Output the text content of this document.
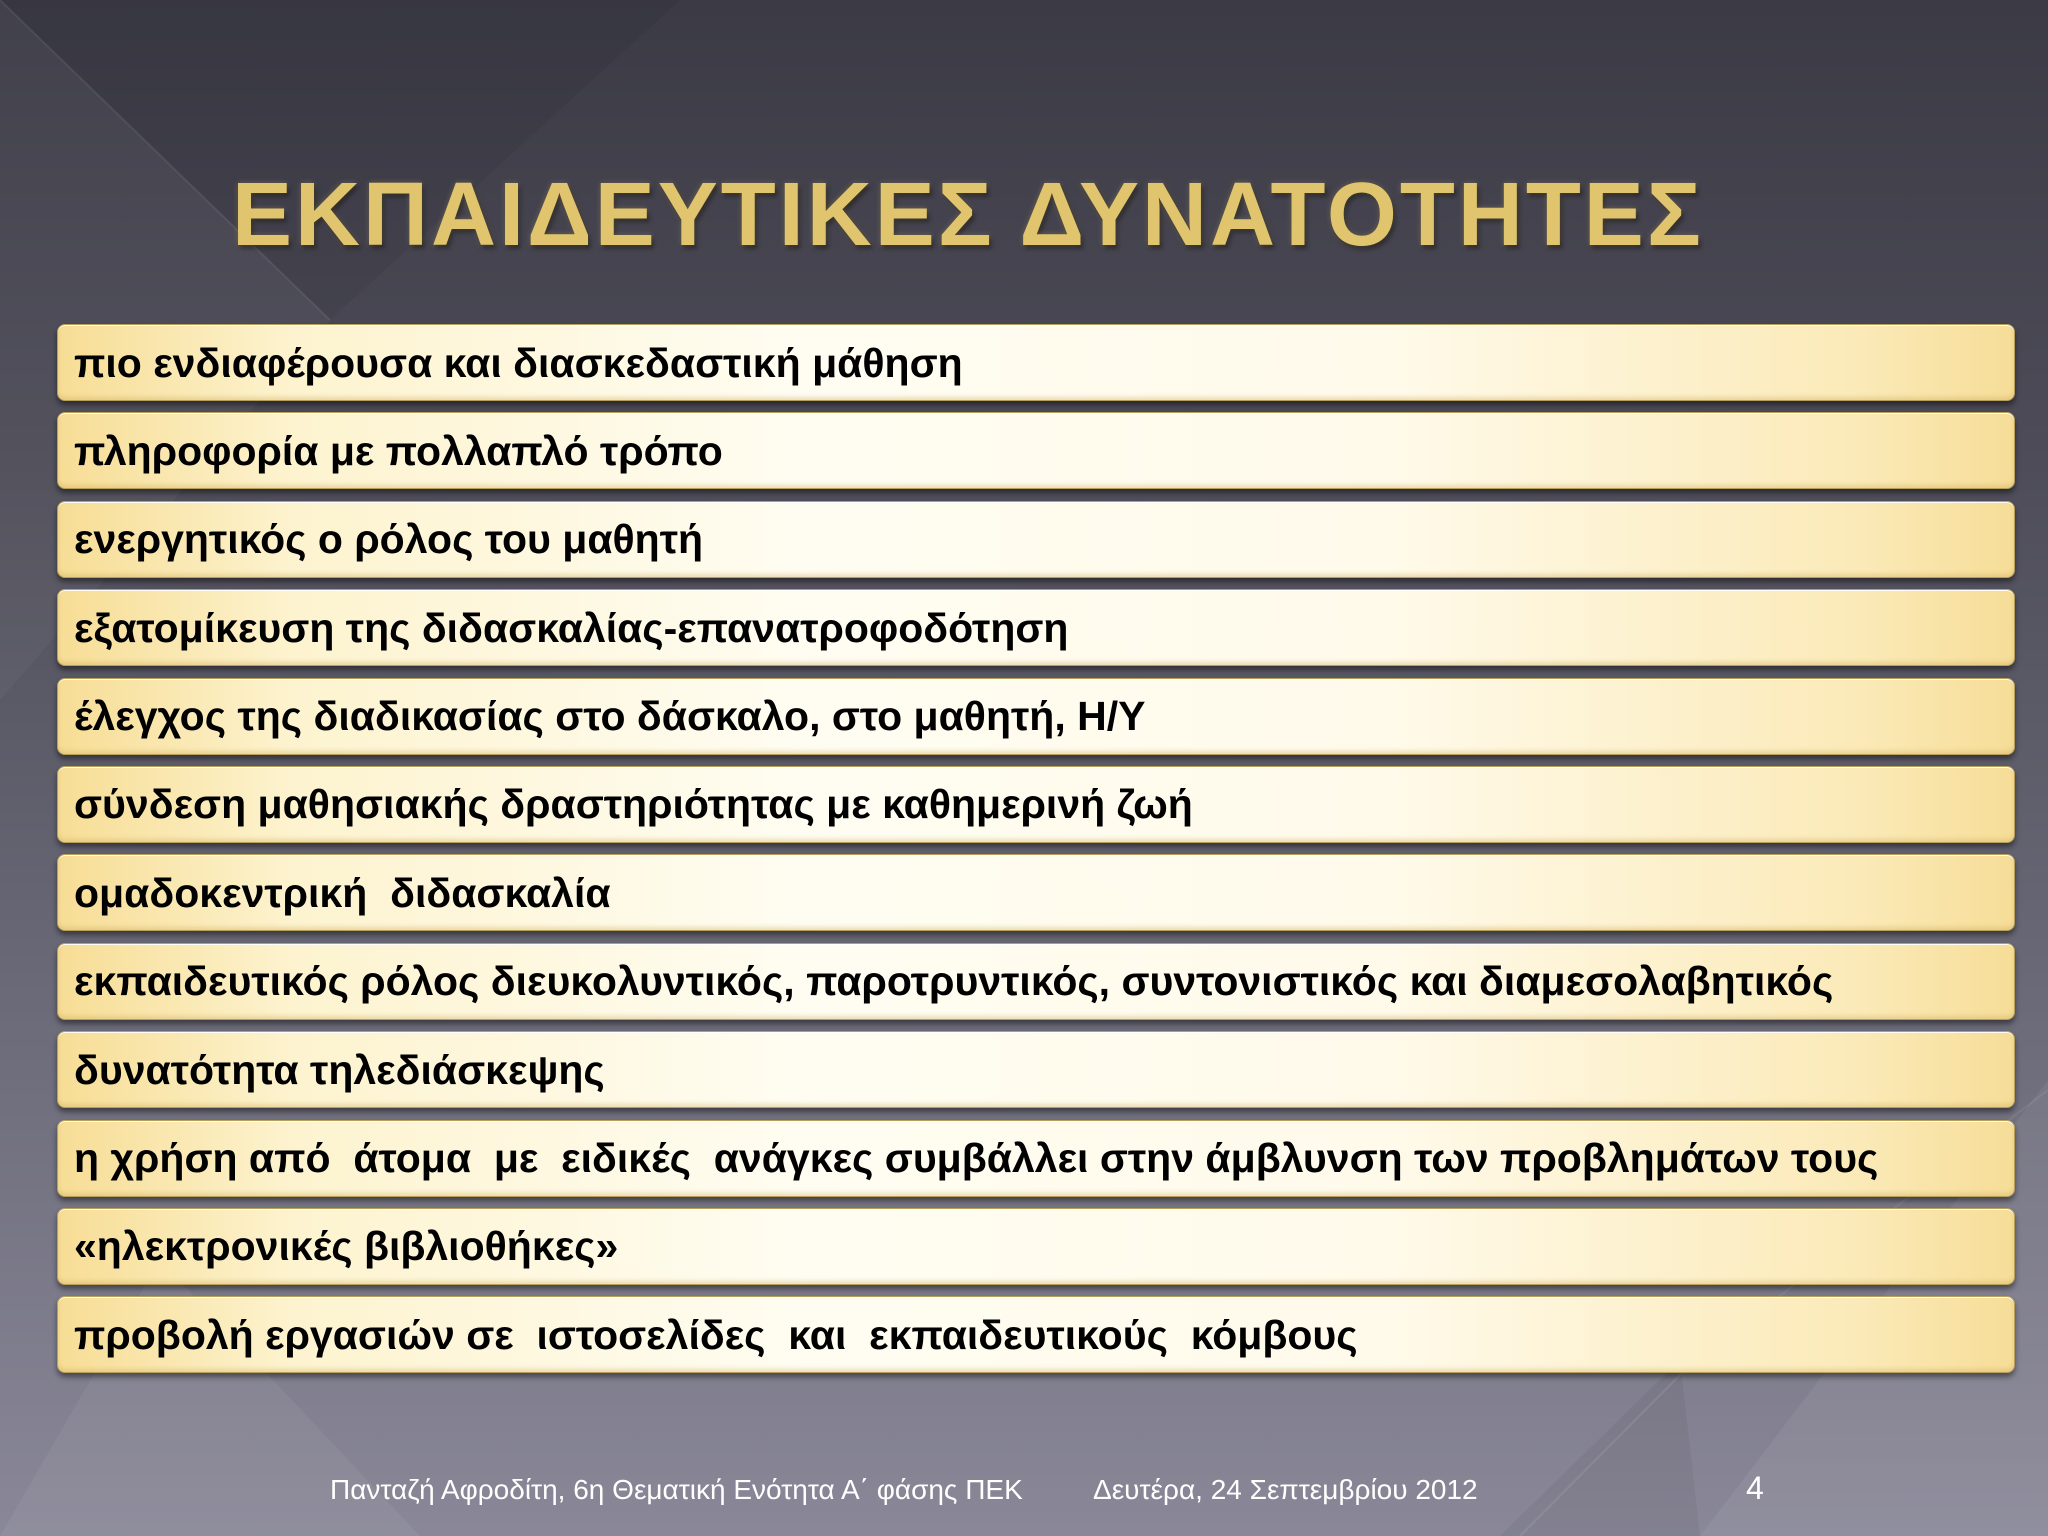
ΕΚΠΑΙΔΕΥΤΙΚΕΣ ΔΥΝΑΤΟΤΗΤΕΣ
πιο ενδιαφέρουσα και διασκεδαστική μάθηση
πληροφορία με πολλαπλό τρόπο
ενεργητικός ο ρόλος του μαθητή
εξατομίκευση της διδασκαλίας-επανατροφοδότηση
έλεγχος της διαδικασίας στο δάσκαλο, στο μαθητή, Η/Υ
σύνδεση μαθησιακής δραστηριότητας με καθημερινή ζωή
ομαδοκεντρική  διδασκαλία
εκπαιδευτικός ρόλος διευκολυντικός, παροτρυντικός, συντονιστικός και διαμεσολαβητικός
δυνατότητα τηλεδιάσκεψης
η χρήση από  άτομα  με  ειδικές  ανάγκες συμβάλλει στην άμβλυνση των προβλημάτων τους
«ηλεκτρονικές βιβλιοθήκες»
προβολή εργασιών σε  ιστοσελίδες  και  εκπαιδευτικούς  κόμβους
Πανταζή Αφροδίτη, 6η Θεματική Ενότητα Α΄ φάσης ΠΕΚ	Δευτέρα, 24 Σεπτεμβρίου 2012	4
